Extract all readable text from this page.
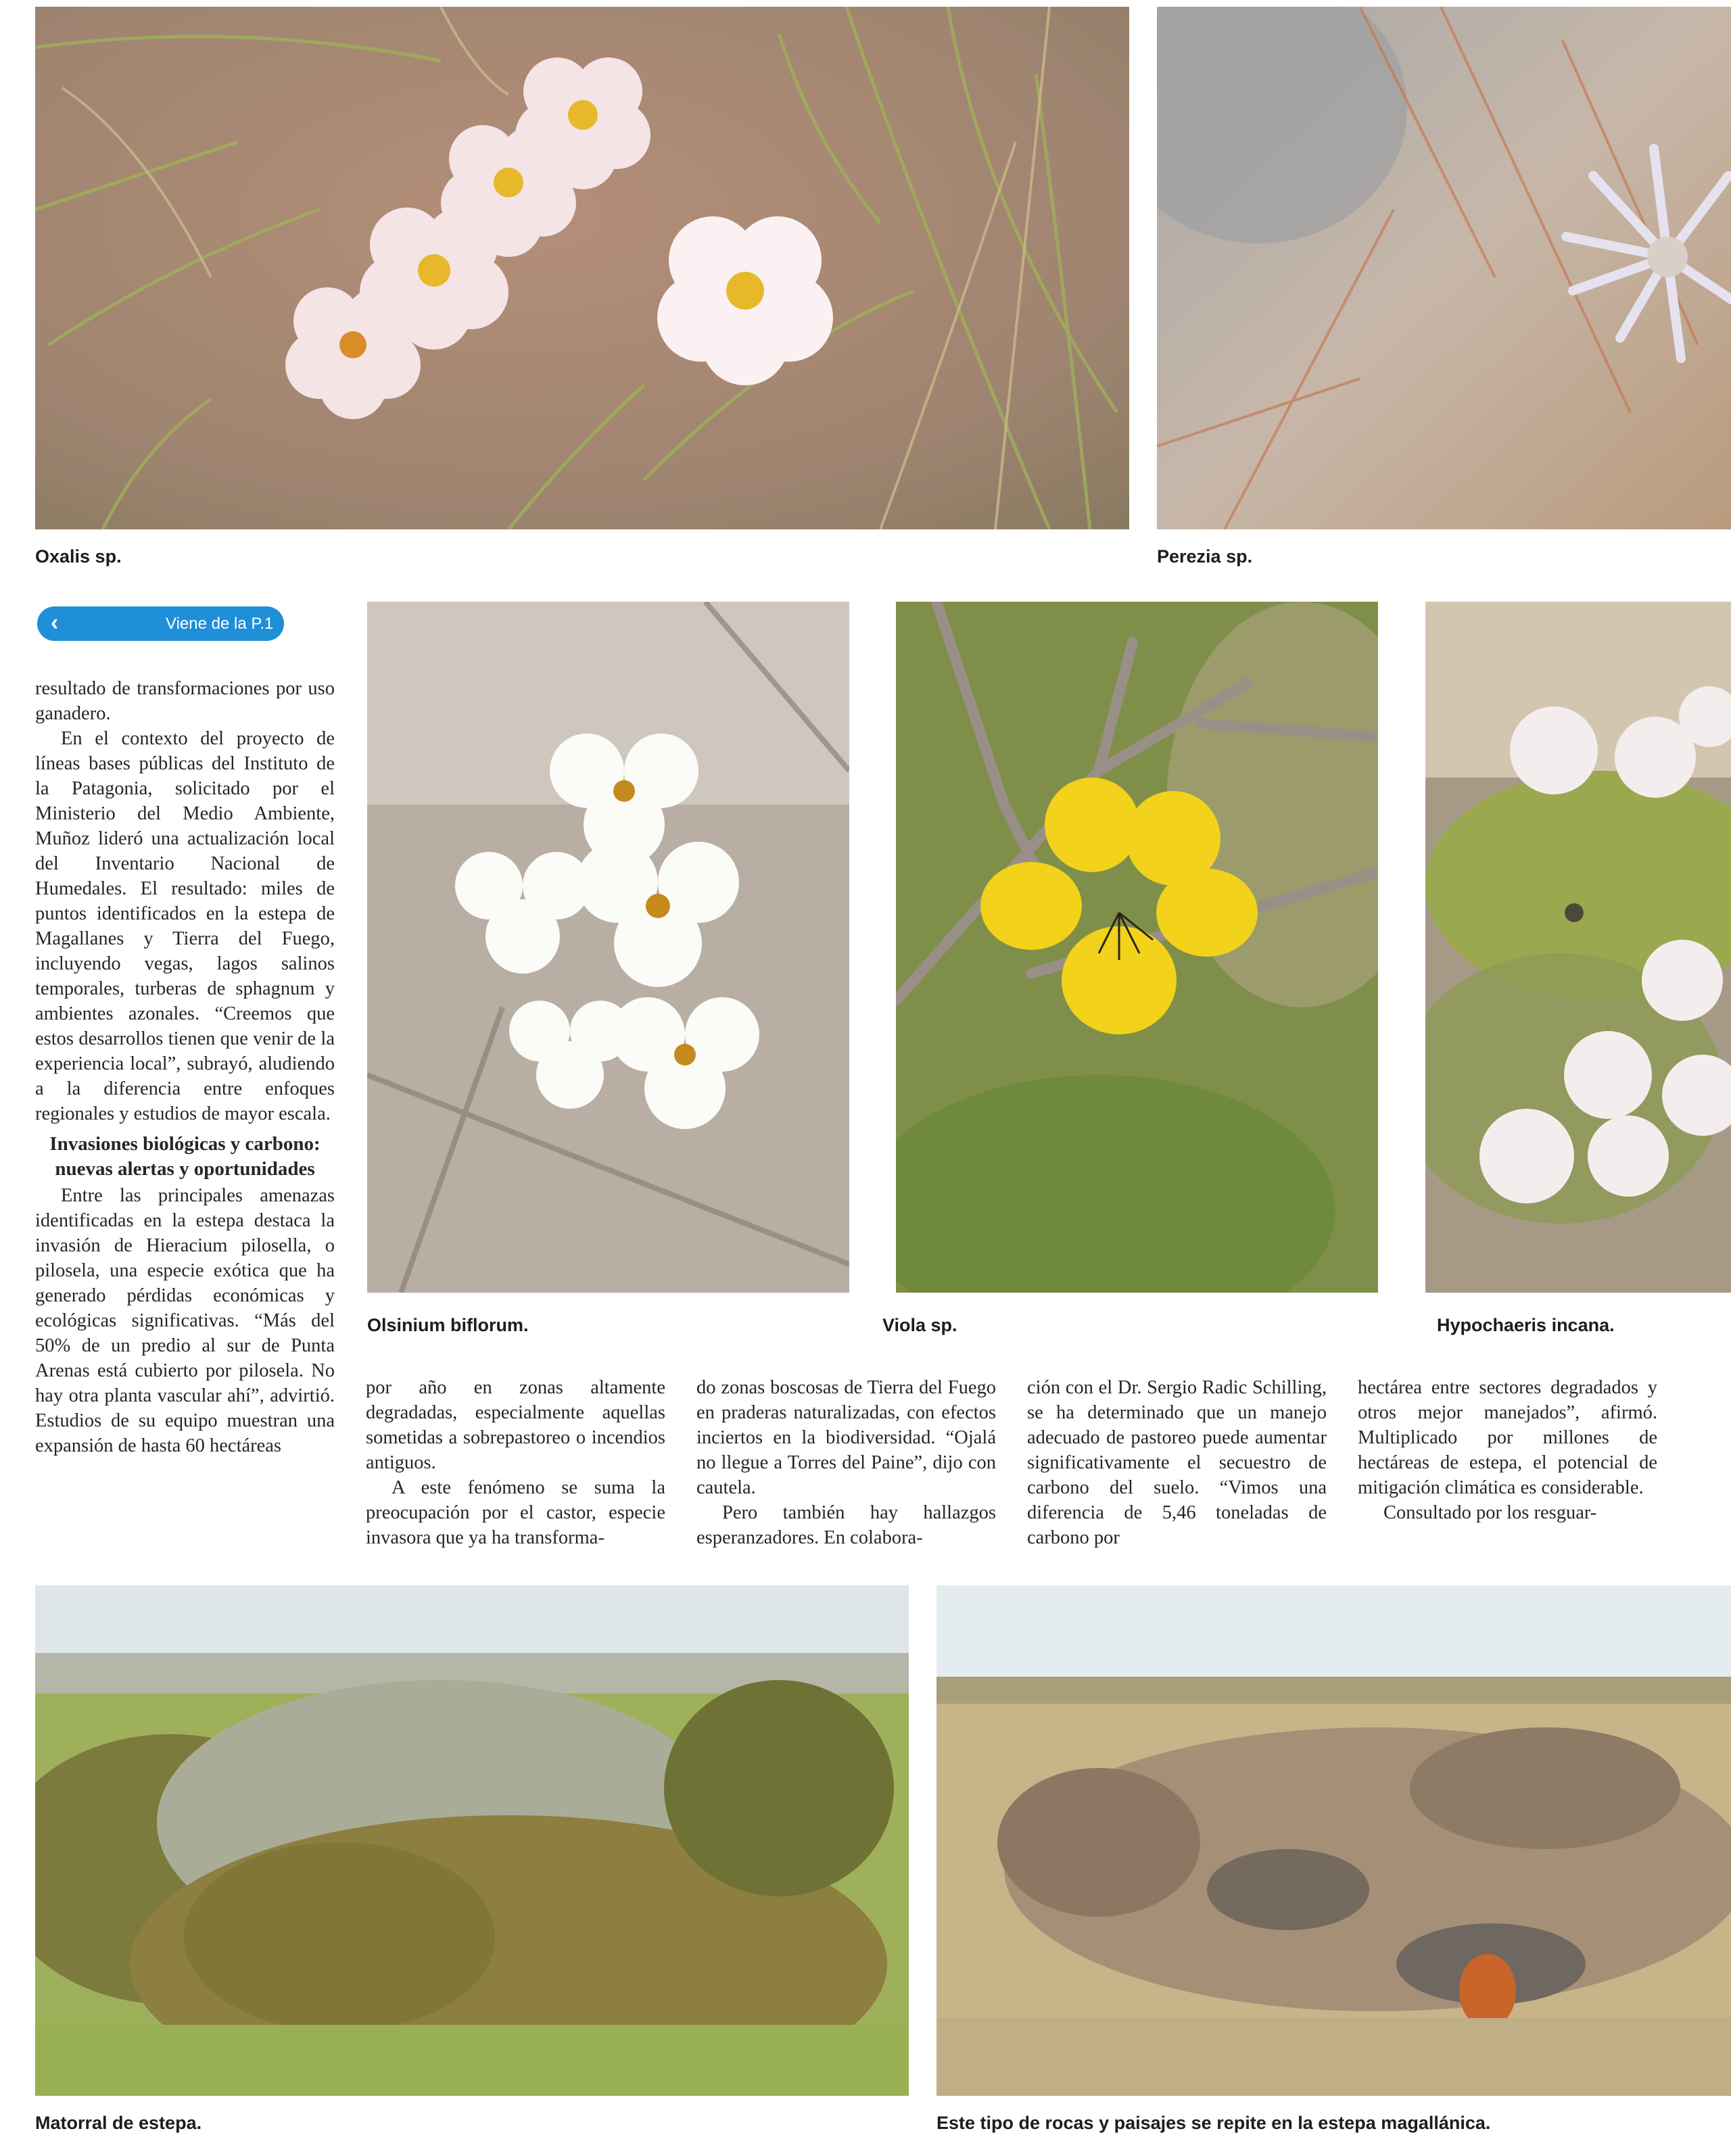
Oxalis sp.	Perezia sp.
‹	Viene de la P.1
Olsinium biflorum.	Viola sp.	Hypochaeris incana.

resultado de transformaciones por uso ganadero.

En el contexto del proyecto de líneas bases públicas del Instituto de la Patagonia, solicitado por el Ministerio del Medio Ambiente, Muñoz lideró una actualización local del Inventario Nacional de Humedales. El resultado: miles de puntos identificados en la estepa de Magallanes y Tierra del Fuego, incluyendo vegas, lagos salinos temporales, turberas de sphagnum y ambientes azonales. “Creemos que estos desarrollos tienen que venir de la experiencia local”, subrayó, aludiendo a la diferencia entre enfoques regionales y estudios de mayor escala.

Invasiones biológicas y carbono: nuevas alertas y oportunidades

Entre las principales amenazas identificadas en la estepa destaca la invasión de Hieracium pilosella, o pilosela, una especie exótica que ha generado pérdidas económicas y ecológicas significativas. “Más del 50% de un predio al sur de Punta Arenas está cubierto por pilosela. No hay otra planta vascular ahí”, advirtió. Estudios de su equipo muestran una expansión de hasta 60 hectáreas

por año en zonas altamente degradadas, especialmente aquellas sometidas a sobrepastoreo o incendios antiguos.

A este fenómeno se suma la preocupación por el castor, especie invasora que ya ha transforma-

do zonas boscosas de Tierra del Fuego en praderas naturalizadas, con efectos inciertos en la biodiversidad. “Ojalá no llegue a Torres del Paine”, dijo con cautela.

Pero también hay hallazgos esperanzadores. En colabora-

ción con el Dr. Sergio Radic Schilling, se ha determinado que un manejo adecuado de pastoreo puede aumentar significativamente el secuestro de carbono del suelo. “Vimos una diferencia de 5,46 toneladas de carbono por

hectárea entre sectores degradados y otros mejor manejados”, afirmó. Multiplicado por millones de hectáreas de estepa, el potencial de mitigación climática es considerable.

Consultado por los resguar-

Matorral de estepa.	Este tipo de rocas y paisajes se repite en la estepa magallánica.
